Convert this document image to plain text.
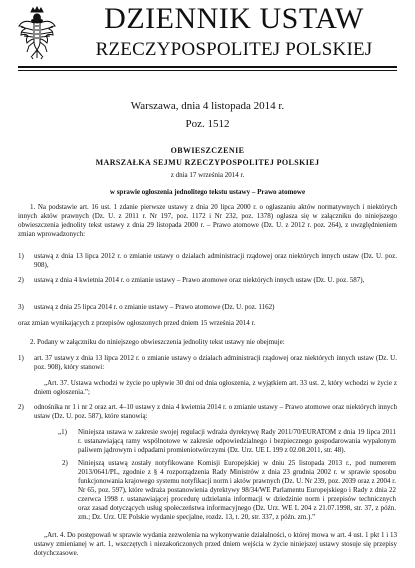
DZIENNIK USTAW
RZECZYPOSPOLITEJ POLSKIEJ
Warszawa, dnia 4 listopada 2014 r.
Poz. 1512
OBWIESZCZENIE
MARSZAŁKA SEJMU RZECZYPOSPOLITEJ POLSKIEJ
z dnia 17 września 2014 r.
w sprawie ogłoszenia jednolitego tekstu ustawy – Prawo atomowe
1. Na podstawie art. 16 ust. 1 zdanie pierwsze ustawy z dnia 20 lipca 2000 r. o ogłaszaniu aktów normatywnych i niektórych innych aktów prawnych (Dz. U. z 2011 r. Nr 197, poz. 1172 i Nr 232, poz. 1378) ogłasza się w załączniku do niniejszego obwieszczenia jednolity tekst ustawy z dnia 29 listopada 2000 r. – Prawo atomowe (Dz. U. z 2012 r. poz. 264), z uwzględnieniem zmian wprowadzonych:
1) ustawą z dnia 13 lipca 2012 r. o zmianie ustawy o działach administracji rządowej oraz niektórych innych ustaw (Dz. U. poz. 908),
2) ustawą z dnia 4 kwietnia 2014 r. o zmianie ustawy – Prawo atomowe oraz niektórych innych ustaw (Dz. U. poz. 587),
3) ustawą z dnia 25 lipca 2014 r. o zmianie ustawy – Prawo atomowe (Dz. U. poz. 1162)
oraz zmian wynikających z przepisów ogłoszonych przed dniem 15 września 2014 r.
2. Podany w załączniku do niniejszego obwieszczenia jednolity tekst ustawy nie obejmuje:
1) art. 37 ustawy z dnia 13 lipca 2012 r. o zmianie ustawy o działach administracji rządowej oraz niektórych innych ustaw (Dz. U. poz. 908), który stanowi:
„Art. 37. Ustawa wchodzi w życie po upływie 30 dni od dnia ogłoszenia, z wyjątkiem art. 33 ust. 2, który wchodzi w życie z dniem ogłoszenia.”;
2) odnośnika nr 1 i nr 2 oraz art. 4–10 ustawy z dnia 4 kwietnia 2014 r. o zmianie ustawy – Prawo atomowe oraz niektórych innych ustaw (Dz. U. poz. 587), które stanowią:
„1) Niniejsza ustawa w zakresie swojej regulacji wdraża dyrektywę Rady 2011/70/EURATOM z dnia 19 lipca 2011 r. ustanawiającą ramy wspólnotowe w zakresie odpowiedzialnego i bezpiecznego gospodarowania wypalonym paliwem jądrowym i odpadami promieniotwórczymi (Dz. Urz. UE L 199 z 02.08.2011, str. 48).
2) Niniejszą ustawą zostały notyfikowane Komisji Europejskiej w dniu 25 listopada 2013 r., pod numerem 2013/0641/PL, zgodnie z § 4 rozporządzenia Rady Ministrów z dnia 23 grudnia 2002 r. w sprawie sposobu funkcjonowania krajowego systemu notyfikacji norm i aktów prawnych (Dz. U. Nr 239, poz. 2039 oraz z 2004 r. Nr 65, poz. 597), które wdraża postanowienia dyrektywy 98/34/WE Parlamentu Europejskiego i Rady z dnia 22 czerwca 1998 r. ustanawiającej procedurę udzielania informacji w dziedzinie norm i przepisów technicznych oraz zasad dotyczących usług społeczeństwa informacyjnego (Dz. Urz. WE L 204 z 21.07.1998, str. 37, z późn. zm.; Dz. Urz. UE Polskie wydanie specjalne, rozdz. 13, t. 20, str. 337, z późn. zm.).”
„Art. 4. Do postępowań w sprawie wydania zezwolenia na wykonywanie działalności, o której mowa w art. 4 ust. 1 pkt 1 i 13 ustawy zmienianej w art. 1, wszczętych i niezakończonych przed dniem wejścia w życie niniejszej ustawy stosuje się przepisy dotychczasowe.
